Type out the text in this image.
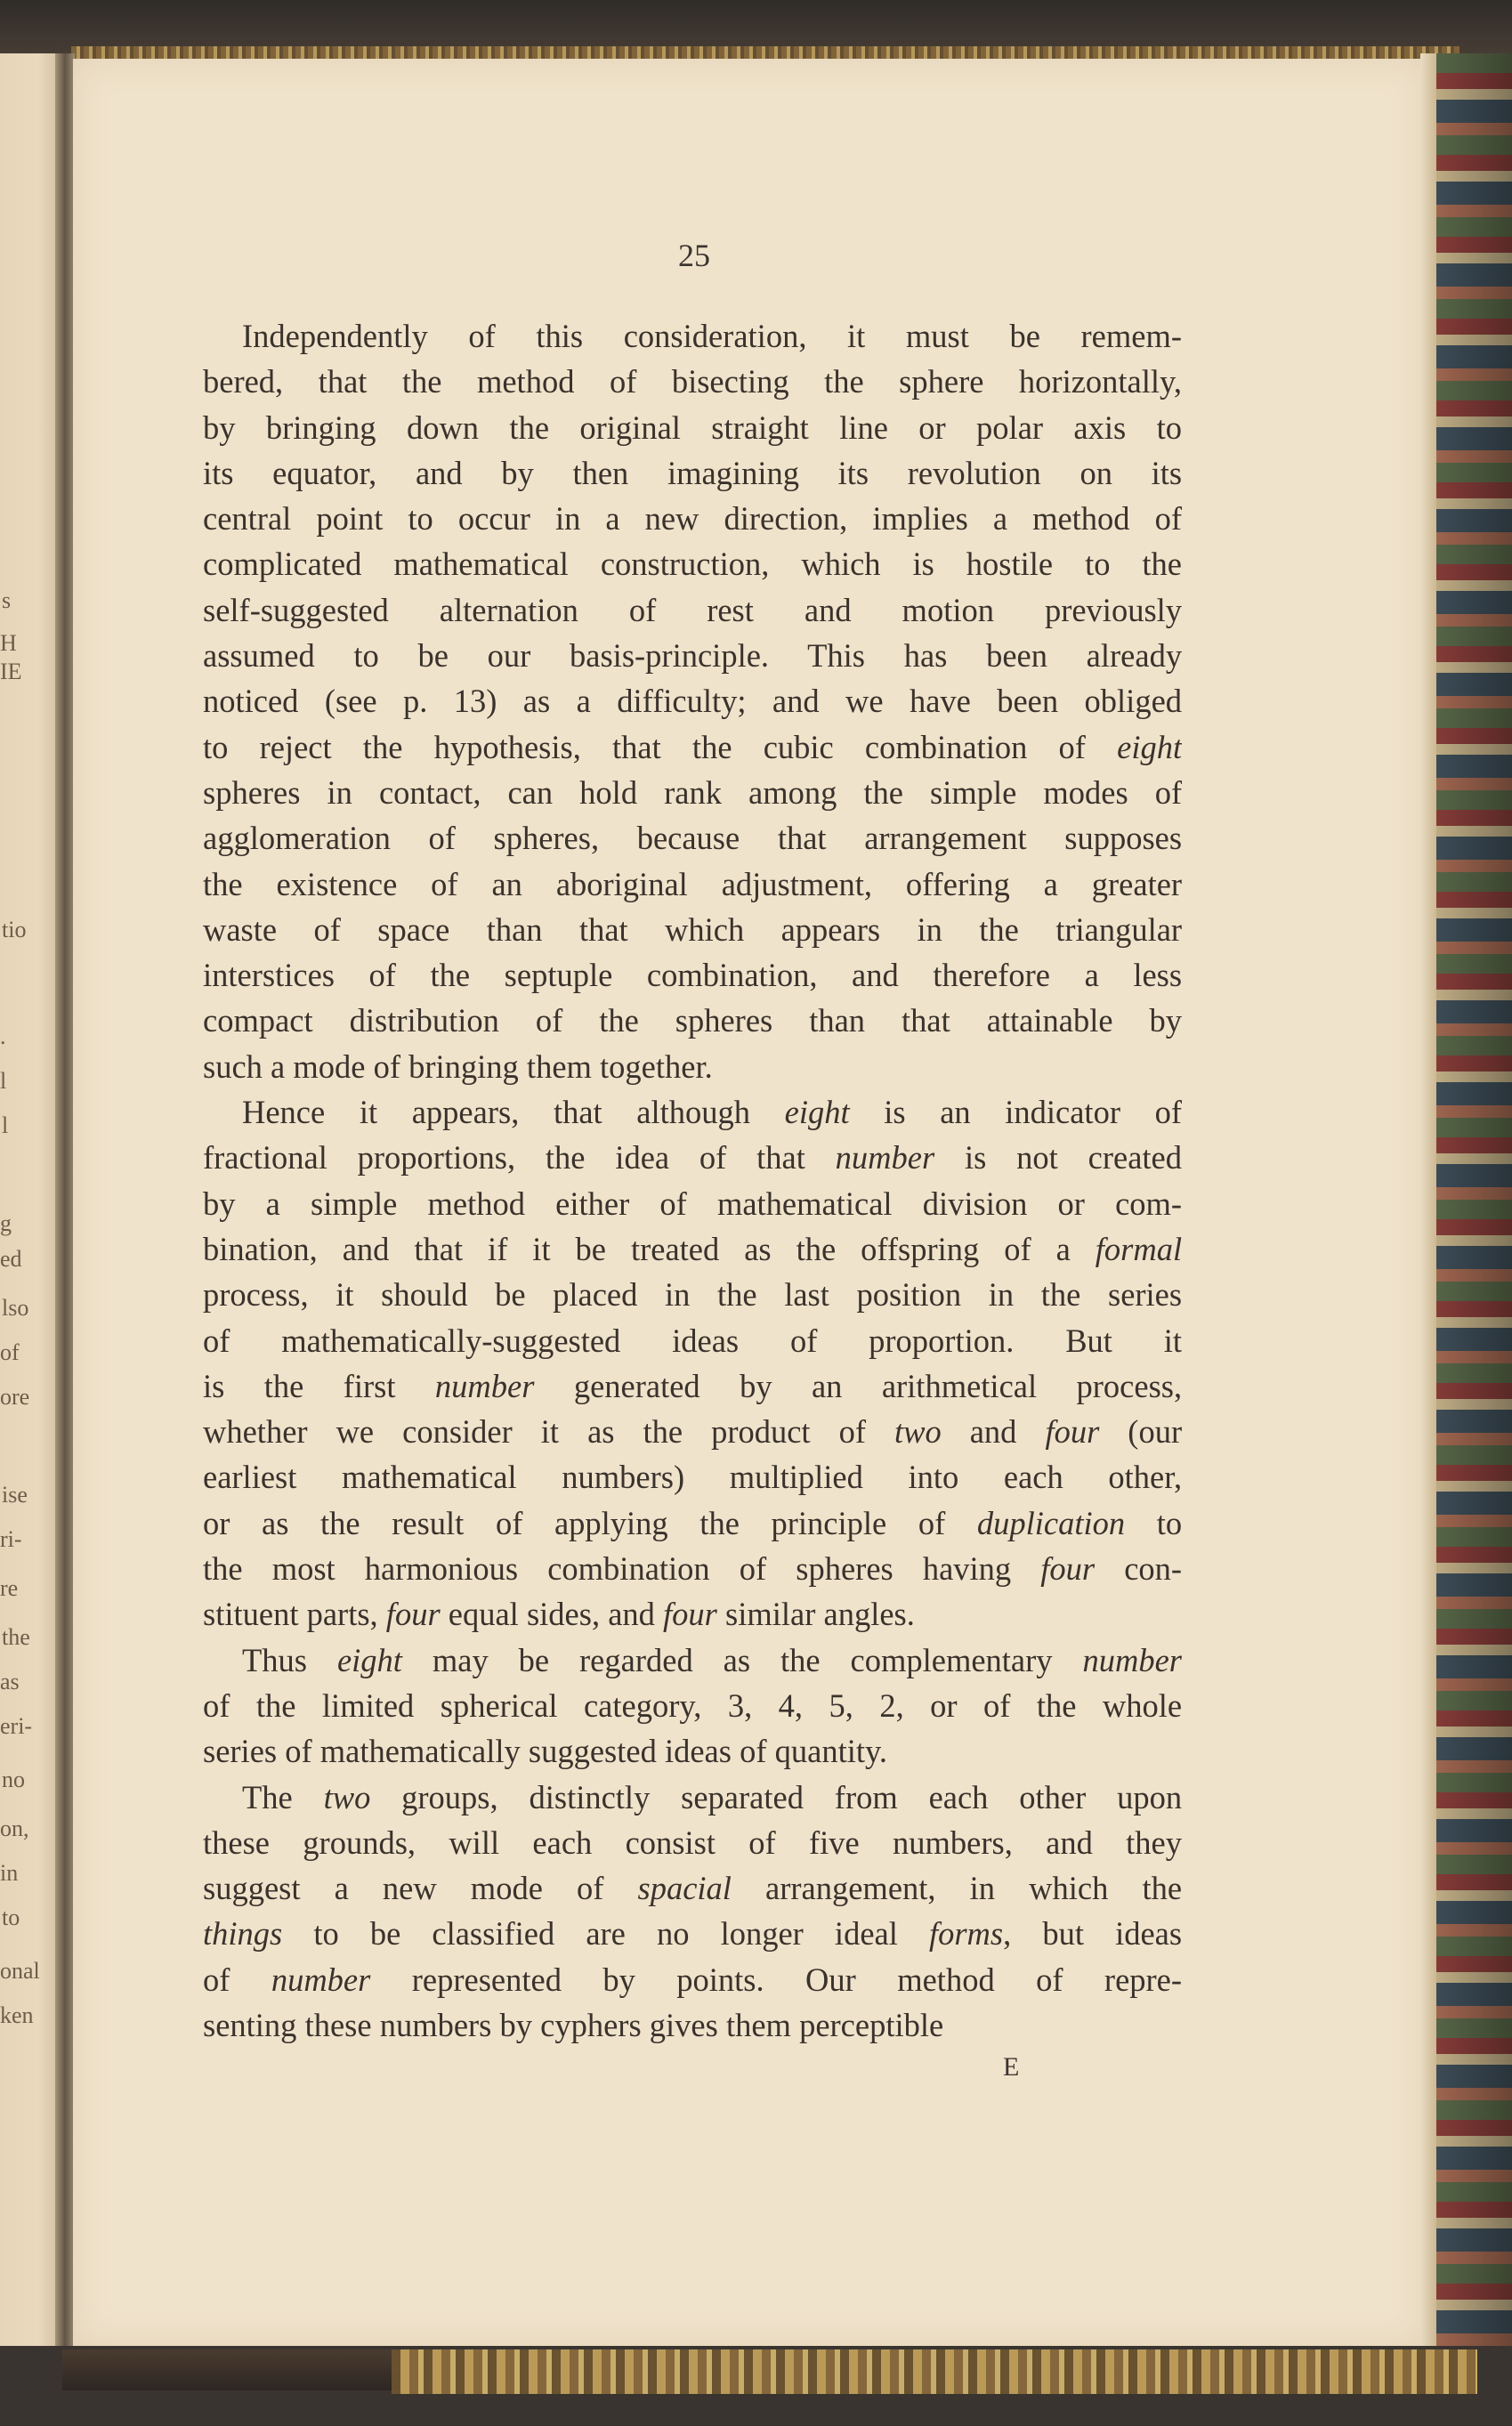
s
H
IE
tio
.
l
l
g
ed
lso
of
ore
ise
ri-
re
the
as
eri-
no
on,
in
to
onal
ken
25
Independently of this consideration, it must be remem-
bered, that the method of bisecting the sphere horizontally,
by bringing down the original straight line or polar axis to
its equator, and by then imagining its revolution on its
central point to occur in a new direction, implies a method of
complicated mathematical construction, which is hostile to the
self-suggested alternation of rest and motion previously
assumed to be our basis-principle. This has been already
noticed (see p. 13) as a difficulty; and we have been obliged
to reject the hypothesis, that the cubic combination of eight
spheres in contact, can hold rank among the simple modes of
agglomeration of spheres, because that arrangement supposes
the existence of an aboriginal adjustment, offering a greater
waste of space than that which appears in the triangular
interstices of the septuple combination, and therefore a less
compact distribution of the spheres than that attainable by
such a mode of bringing them together.
Hence it appears, that although eight is an indicator of
fractional proportions, the idea of that number is not created
by a simple method either of mathematical division or com-
bination, and that if it be treated as the offspring of a formal
process, it should be placed in the last position in the series
of mathematically-suggested ideas of proportion. But it
is the first number generated by an arithmetical process,
whether we consider it as the product of two and four (our
earliest mathematical numbers) multiplied into each other,
or as the result of applying the principle of duplication to
the most harmonious combination of spheres having four con-
stituent parts, four equal sides, and four similar angles.
Thus eight may be regarded as the complementary number
of the limited spherical category, 3, 4, 5, 2, or of the whole
series of mathematically suggested ideas of quantity.
The two groups, distinctly separated from each other upon
these grounds, will each consist of five numbers, and they
suggest a new mode of spacial arrangement, in which the
things to be classified are no longer ideal forms, but ideas
of number represented by points. Our method of repre-
senting these numbers by cyphers gives them perceptible
E
